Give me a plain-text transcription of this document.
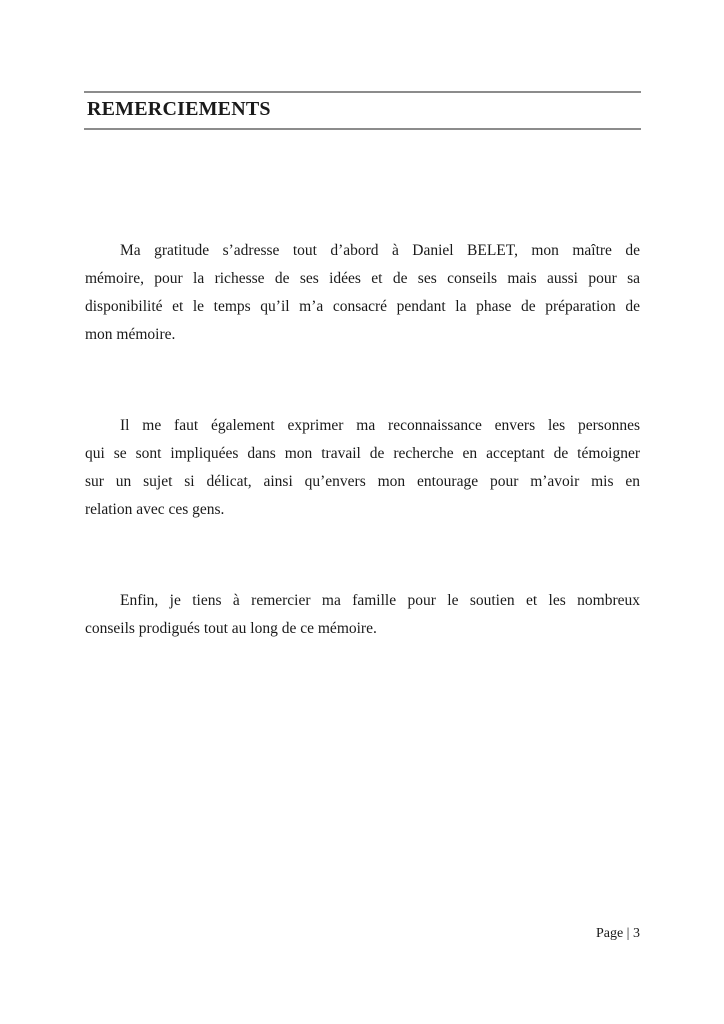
REMERCIEMENTS
Ma gratitude s’adresse tout d’abord à Daniel BELET, mon maître de
mémoire, pour la richesse de ses idées et de ses conseils mais aussi pour sa
disponibilité et le temps qu’il m’a consacré pendant la phase de préparation de
mon mémoire.
Il me faut également exprimer ma reconnaissance envers les personnes
qui se sont impliquées dans mon travail de recherche en acceptant de témoigner
sur un sujet si délicat, ainsi qu’envers mon entourage pour m’avoir mis en
relation avec ces gens.
Enfin, je tiens à remercier ma famille pour le soutien et les nombreux
conseils prodigués tout au long de ce mémoire.
Page | 3
